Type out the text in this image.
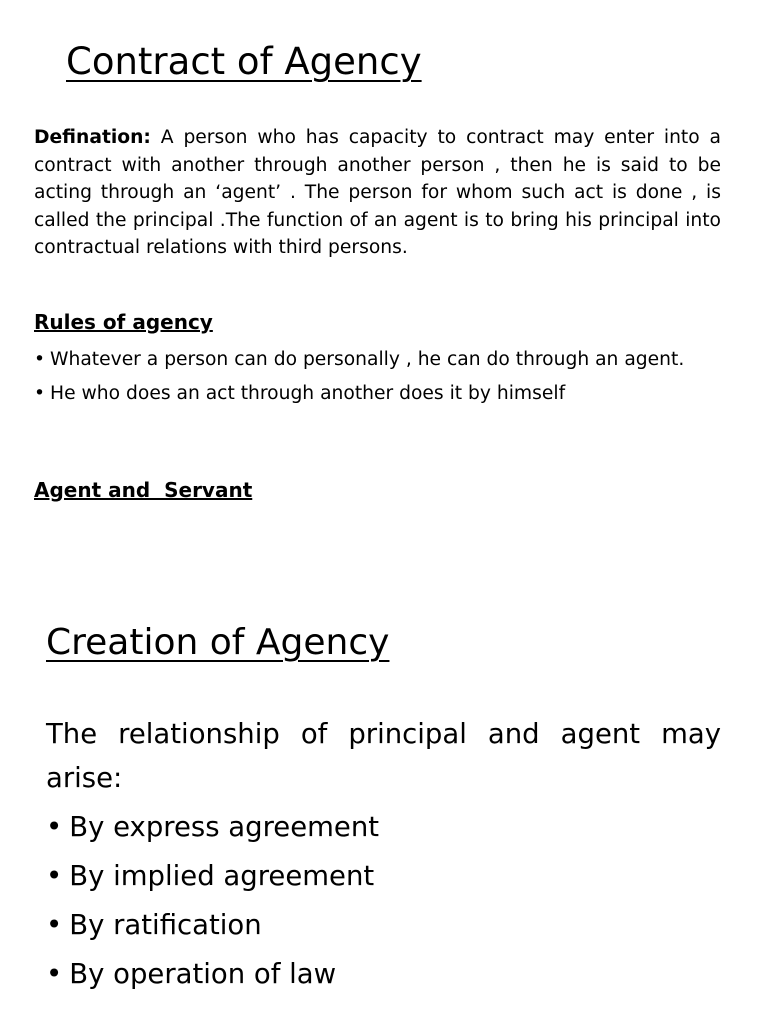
Contract of Agency

Defination: A person who has capacity to contract may enter into a contract with another through another person , then he is said to be acting through an ‘agent’ . The person for whom such act is done , is called the principal .The function of an agent is to bring his principal into contractual relations with third persons.

Rules of agency
• Whatever a person can do personally , he can do through an agent.
• He who does an act through another does it by himself
Agent and  Servant
Creation of Agency

The relationship of principal and agent may arise:

• By express agreement
• By implied agreement
• By ratification
• By operation of law
